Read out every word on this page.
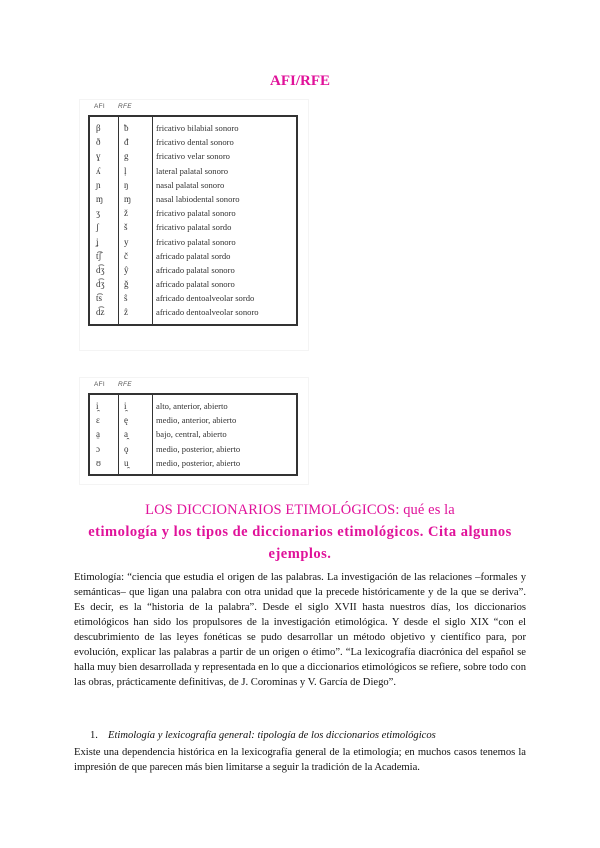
AFI/RFE
AFI RFE
β	ƀ	fricativo bilabial sonoro
ð	đ	fricativo dental sonoro
ɣ	g	fricativo velar sonoro
ʎ	ḷ	lateral palatal sonoro
ɲ	ŋ	nasal palatal sonoro
ɱ	ɱ	nasal labiodental sonoro
ʒ	ž	fricativo palatal sonoro
ʃ	š	fricativo palatal sordo
ʝ	y	fricativo palatal sonoro
t͡ʃ	č	africado palatal sordo
d͡ʒ	ŷ	africado palatal sonoro
d͡ʒ	ǧ	africado palatal sonoro
t͡s	ŝ	africado dentoalveolar sordo
d͡z	ẑ	africado dentoalveolar sonoro
AFI RFE
i̯	i̯	alto, anterior, abierto
ɛ	ę	medio, anterior, abierto
a̤	a̯	bajo, central, abierto
ɔ	ǫ	medio, posterior, abierto
ʊ	u̯	medio, posterior, abierto
LOS DICCIONARIOS ETIMOLÓGICOS: qué es la
etimología y los tipos de diccionarios etimológicos. Cita algunos
ejemplos.
Etimología: “ciencia que estudia el origen de las palabras. La investigación de las relaciones –formales y semánticas– que ligan una palabra con otra unidad que la precede históricamente y de la que se deriva”. Es decir, es la “historia de la palabra”. Desde el siglo XVII hasta nuestros días, los diccionarios etimológicos han sido los propulsores de la investigación etimológica. Y desde el siglo XIX “con el descubrimiento de las leyes fonéticas se pudo desarrollar un método objetivo y científico para, por evolución, explicar las palabras a partir de un origen o étimo”. “La lexicografía diacrónica del español se halla muy bien desarrollada y representada en lo que a diccionarios etimológicos se refiere, sobre todo con las obras, prácticamente definitivas, de J. Corominas y V. García de Diego”.
1. Etimología y lexicografía general: tipología de los diccionarios etimológicos
Existe una dependencia histórica en la lexicografía general de la etimología; en muchos casos tenemos la impresión de que parecen más bien limitarse a seguir la tradición de la Academia.
